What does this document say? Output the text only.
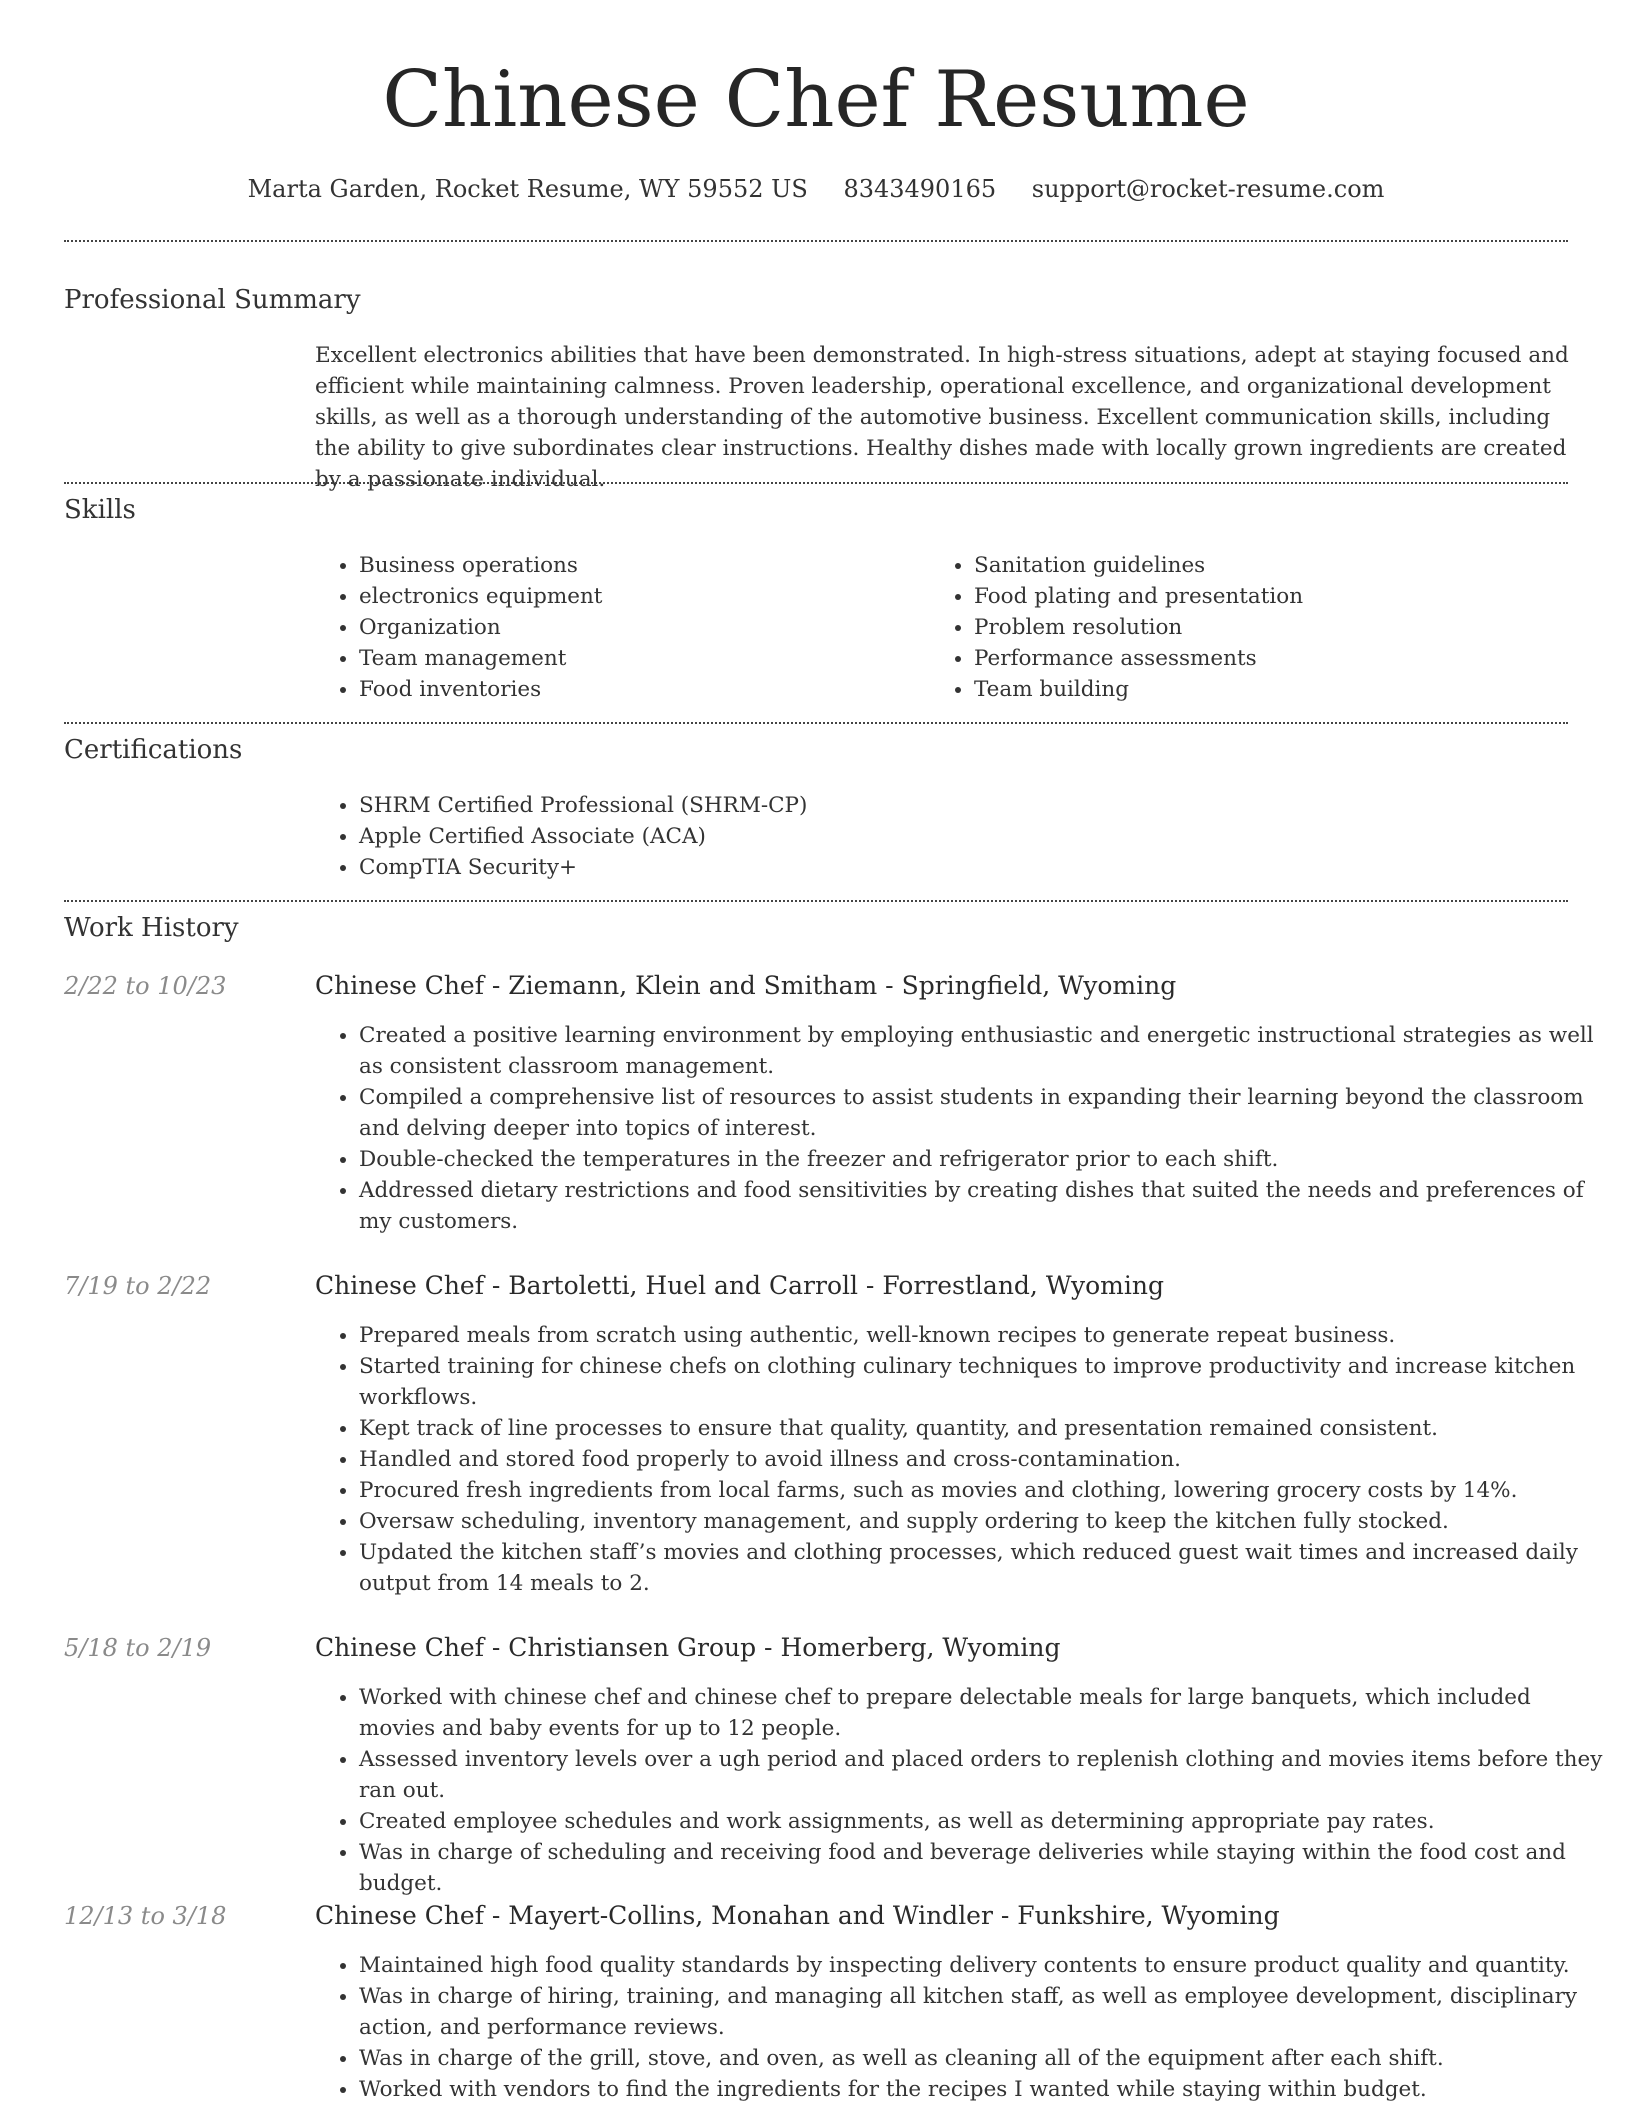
Chinese Chef Resume
Marta Garden, Rocket Resume, WY 59552 US 8343490165 support@rocket-resume.com
Professional Summary

Excellent electronics abilities that have been demonstrated. In high-stress situations, adept at staying focused and efficient while maintaining calmness. Proven leadership, operational excellence, and organizational development skills, as well as a thorough understanding of the automotive business. Excellent communication skills, including the ability to give subordinates clear instructions. Healthy dishes made with locally grown ingredients are created by a passionate individual.

Skills
• Business operations
• electronics equipment
• Organization
• Team management
• Food inventories
• Sanitation guidelines
• Food plating and presentation
• Problem resolution
• Performance assessments
• Team building
Certifications
• SHRM Certified Professional (SHRM-CP)
• Apple Certified Associate (ACA)
• CompTIA Security+
Work History
2/22 to 10/23	Chinese Chef - Ziemann, Klein and Smitham - Springfield, Wyoming
• Created a positive learning environment by employing enthusiastic and energetic instructional strategies as well as consistent classroom management.
• Compiled a comprehensive list of resources to assist students in expanding their learning beyond the classroom and delving deeper into topics of interest.
• Double-checked the temperatures in the freezer and refrigerator prior to each shift.
• Addressed dietary restrictions and food sensitivities by creating dishes that suited the needs and preferences of my customers.
7/19 to 2/22	Chinese Chef - Bartoletti, Huel and Carroll - Forrestland, Wyoming
• Prepared meals from scratch using authentic, well-known recipes to generate repeat business.
• Started training for chinese chefs on clothing culinary techniques to improve productivity and increase kitchen workflows.
• Kept track of line processes to ensure that quality, quantity, and presentation remained consistent.
• Handled and stored food properly to avoid illness and cross-contamination.
• Procured fresh ingredients from local farms, such as movies and clothing, lowering grocery costs by 14%.
• Oversaw scheduling, inventory management, and supply ordering to keep the kitchen fully stocked.
• Updated the kitchen staff’s movies and clothing processes, which reduced guest wait times and increased daily output from 14 meals to 2.
5/18 to 2/19	Chinese Chef - Christiansen Group - Homerberg, Wyoming
• Worked with chinese chef and chinese chef to prepare delectable meals for large banquets, which included movies and baby events for up to 12 people.
• Assessed inventory levels over a ugh period and placed orders to replenish clothing and movies items before they ran out.
• Created employee schedules and work assignments, as well as determining appropriate pay rates.
• Was in charge of scheduling and receiving food and beverage deliveries while staying within the food cost and budget.
12/13 to 3/18	Chinese Chef - Mayert-Collins, Monahan and Windler - Funkshire, Wyoming
• Maintained high food quality standards by inspecting delivery contents to ensure product quality and quantity.
• Was in charge of hiring, training, and managing all kitchen staff, as well as employee development, disciplinary action, and performance reviews.
• Was in charge of the grill, stove, and oven, as well as cleaning all of the equipment after each shift.
• Worked with vendors to find the ingredients for the recipes I wanted while staying within budget.
